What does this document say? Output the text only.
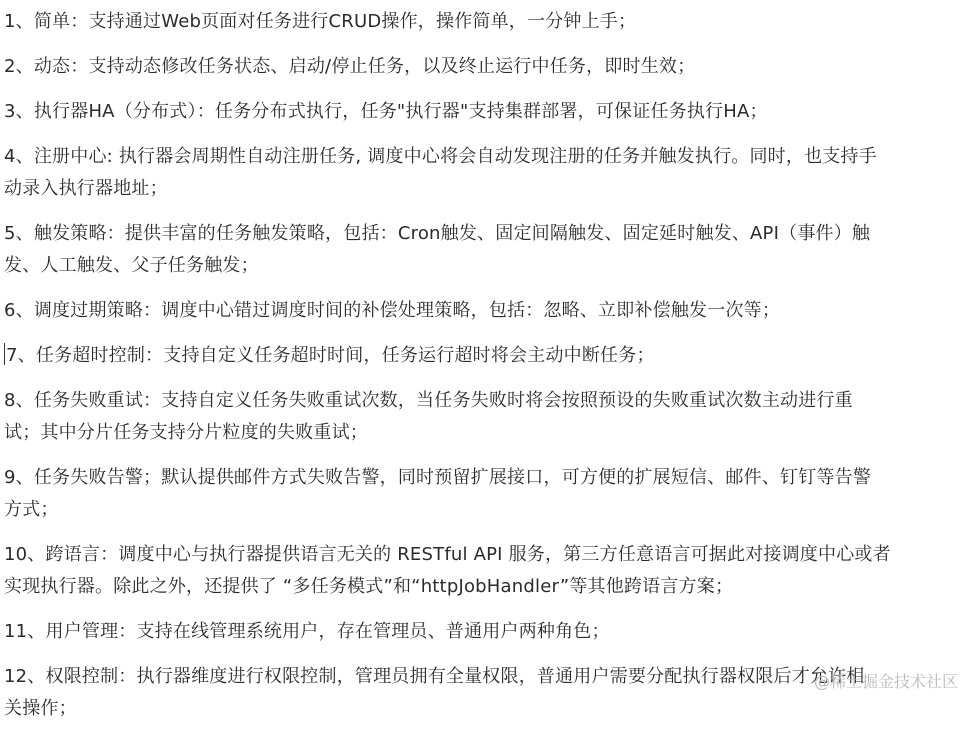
1、简单：支持通过Web页面对任务进行CRUD操作，操作简单，一分钟上手；
2、动态：支持动态修改任务状态、启动/停止任务，以及终止运行中任务，即时生效；
3、执行器HA（分布式）：任务分布式执行，任务"执行器"支持集群部署，可保证任务执行HA；
4、注册中心: 执行器会周期性自动注册任务, 调度中心将会自动发现注册的任务并触发执行。同时，也支持手
动录入执行器地址；
5、触发策略：提供丰富的任务触发策略，包括：Cron触发、固定间隔触发、固定延时触发、API（事件）触
发、人工触发、父子任务触发；
6、调度过期策略：调度中心错过调度时间的补偿处理策略，包括：忽略、立即补偿触发一次等；
7、任务超时控制：支持自定义任务超时时间，任务运行超时将会主动中断任务；
8、任务失败重试：支持自定义任务失败重试次数，当任务失败时将会按照预设的失败重试次数主动进行重
试；其中分片任务支持分片粒度的失败重试；
9、任务失败告警；默认提供邮件方式失败告警，同时预留扩展接口，可方便的扩展短信、邮件、钉钉等告警
方式；
10、跨语言：调度中心与执行器提供语言无关的 RESTful API 服务，第三方任意语言可据此对接调度中心或者
实现执行器。除此之外，还提供了 “多任务模式”和“httpJobHandler”等其他跨语言方案；
11、用户管理：支持在线管理系统用户，存在管理员、普通用户两种角色；
12、权限控制：执行器维度进行权限控制，管理员拥有全量权限，普通用户需要分配执行器权限后才允许相
关操作；
@稀土掘金技术社区
